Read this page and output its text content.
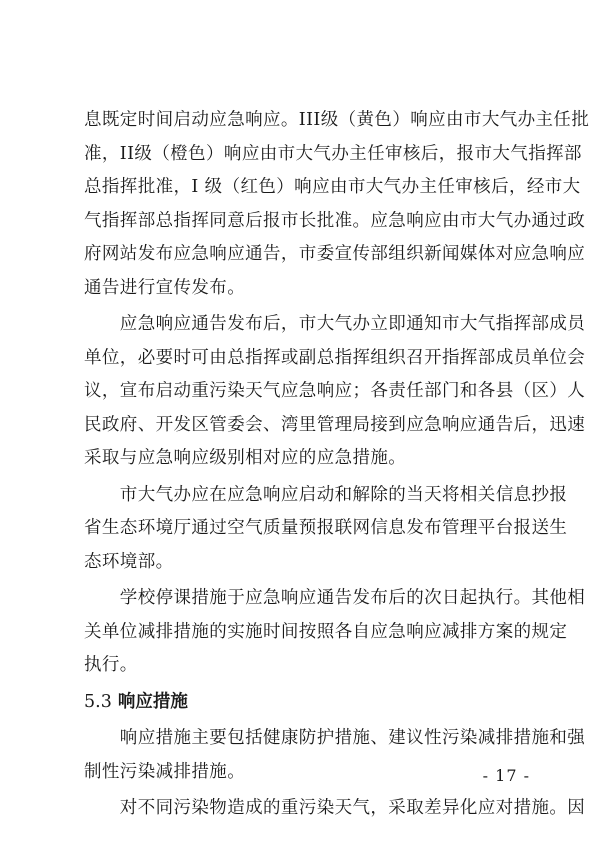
息既定时间启动应急响应。III级（黄色）响应由市大气办主任批
准，II级（橙色）响应由市大气办主任审核后，报市大气指挥部
总指挥批准，I 级（红色）响应由市大气办主任审核后，经市大
气指挥部总指挥同意后报市长批准。应急响应由市大气办通过政
府网站发布应急响应通告，市委宣传部组织新闻媒体对应急响应
通告进行宣传发布。
　　应急响应通告发布后，市大气办立即通知市大气指挥部成员
单位，必要时可由总指挥或副总指挥组织召开指挥部成员单位会
议，宣布启动重污染天气应急响应；各责任部门和各县（区）人
民政府、开发区管委会、湾里管理局接到应急响应通告后，迅速
采取与应急响应级别相对应的应急措施。
　　市大气办应在应急响应启动和解除的当天将相关信息抄报
省生态环境厅通过空气质量预报联网信息发布管理平台报送生
态环境部。
　　学校停课措施于应急响应通告发布后的次日起执行。其他相
关单位减排措施的实施时间按照各自应急响应减排方案的规定
执行。
5.3 响应措施
　　响应措施主要包括健康防护措施、建议性污染减排措施和强
制性污染减排措施。
　　对不同污染物造成的重污染天气，采取差异化应对措施。因
- 17 -
